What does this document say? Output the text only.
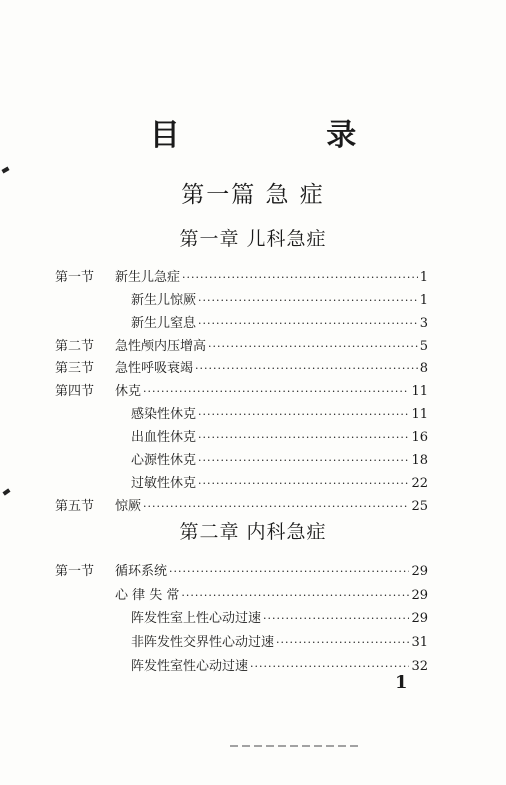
目 录
第一篇 急 症
第一章 儿科急症
第二章 内科急症
第一节	新生儿急症 ·····	1
新生儿惊厥 ·····	1
新生儿窒息 ·····	3
第二节	急性颅内压增高 ·····	5
第三节	急性呼吸衰竭 ·····	8
第四节	休克 ·····	11
感染性休克 ·····	11
出血性休克 ·····	16
心源性休克 ·····	18
过敏性休克 ·····	22
第五节	惊厥 ·····	25
第一节	循环系统 ·····	29
心 律 失 常 ·····	29
阵发性室上性心动过速 ·····	29
非阵发性交界性心动过速 ·····	31
阵发性室性心动过速 ·····	32
1
